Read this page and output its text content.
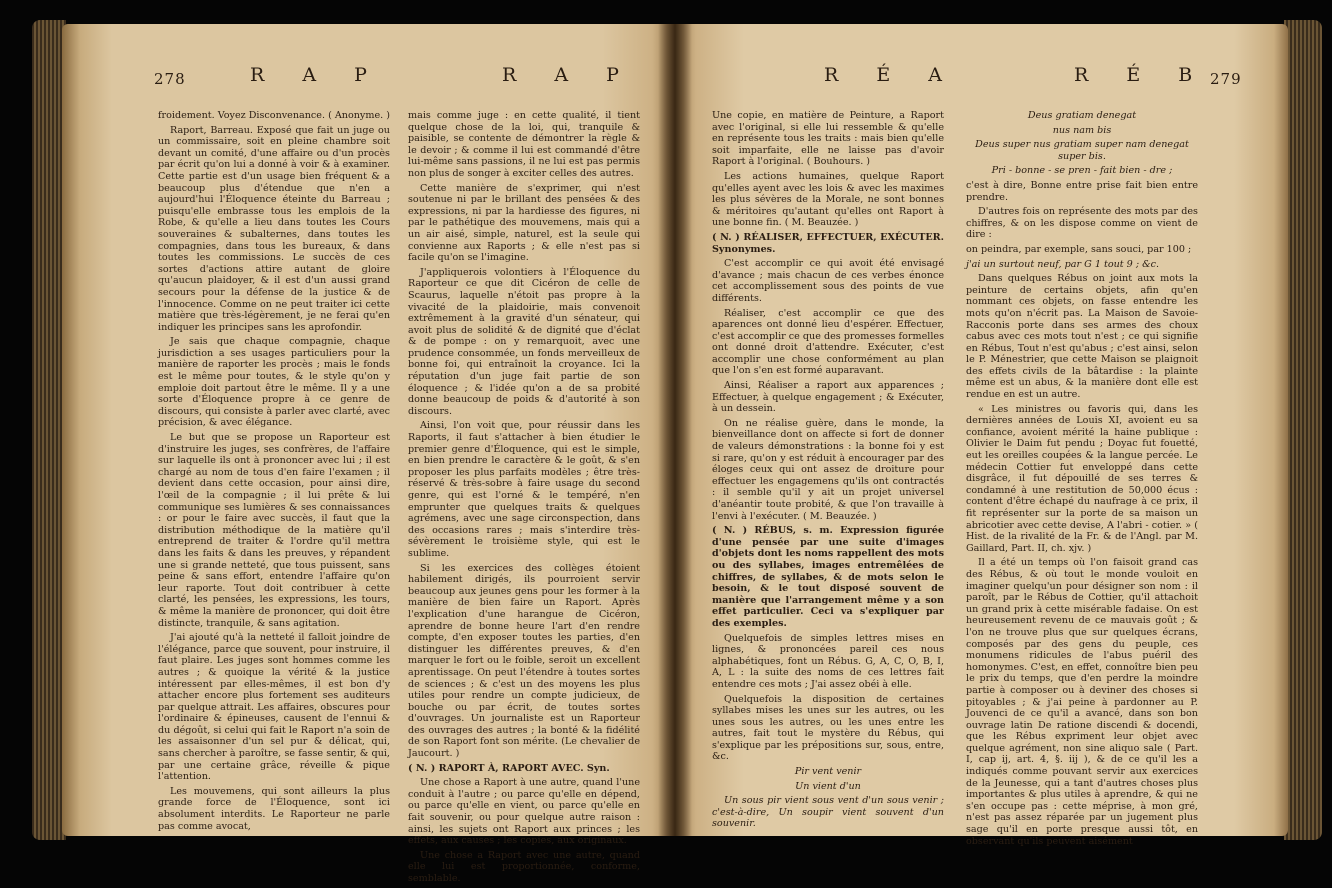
278	R A P	R A P

froidement. Voyez Disconvenance. ( Anonyme. )

Raport, Barreau. Exposé que fait un juge ou un commissaire, soit en pleine chambre soit devant un comité, d'une affaire ou d'un procès par écrit qu'on lui a donné à voir & à examiner. Cette partie est d'un usage bien fréquent & a beaucoup plus d'étendue que n'en a aujourd'hui l'Éloquence éteinte du Barreau ; puisqu'elle embrasse tous les emplois de la Robe, & qu'elle a lieu dans toutes les Cours souveraines & subalternes, dans toutes les compagnies, dans tous les bureaux, & dans toutes les commissions. Le succès de ces sortes d'actions attire autant de gloire qu'aucun plaidoyer, & il est d'un aussi grand secours pour la défense de la justice & de l'innocence. Comme on ne peut traiter ici cette matière que très-légèrement, je ne ferai qu'en indiquer les principes sans les aprofondir.

Je sais que chaque compagnie, chaque jurisdiction a ses usages particuliers pour la manière de raporter les procès ; mais le fonds est le même pour toutes, & le style qu'on y emploie doit partout être le même. Il y a une sorte d'Éloquence propre à ce genre de discours, qui consiste à parler avec clarté, avec précision, & avec élégance.

Le but que se propose un Raporteur est d'instruire les juges, ses confrères, de l'affaire sur laquelle ils ont à prononcer avec lui ; il est chargé au nom de tous d'en faire l'examen ; il devient dans cette occasion, pour ainsi dire, l'œil de la compagnie ; il lui prête & lui communique ses lumières & ses connaissances : or pour le faire avec succès, il faut que la distribution méthodique de la matière qu'il entreprend de traiter & l'ordre qu'il mettra dans les faits & dans les preuves, y répandent une si grande netteté, que tous puissent, sans peine & sans effort, entendre l'affaire qu'on leur raporte. Tout doit contribuer à cette clarté, les pensées, les expressions, les tours, & même la manière de prononcer, qui doit être distincte, tranquile, & sans agitation.

J'ai ajouté qu'à la netteté il falloit joindre de l'élégance, parce que souvent, pour instruire, il faut plaire. Les juges sont hommes comme les autres ; & quoique la vérité & la justice intéressent par elles-mêmes, il est bon d'y attacher encore plus fortement ses auditeurs par quelque attrait. Les affaires, obscures pour l'ordinaire & épineuses, causent de l'ennui & du dégoût, si celui qui fait le Raport n'a soin de les assaisonner d'un sel pur & délicat, qui, sans chercher à paroître, se fasse sentir, & qui, par une certaine grâce, réveille & pique l'attention.

Les mouvemens, qui sont ailleurs la plus grande force de l'Éloquence, sont ici absolument interdits. Le Raporteur ne parle pas comme avocat,

mais comme juge : en cette qualité, il tient quelque chose de la loi, qui, tranquile & paisible, se contente de démontrer la règle & le devoir ; & comme il lui est commandé d'être lui-même sans passions, il ne lui est pas permis non plus de songer à exciter celles des autres.

Cette manière de s'exprimer, qui n'est soutenue ni par le brillant des pensées & des expressions, ni par la hardiesse des figures, ni par le pathétique des mouvemens, mais qui a un air aisé, simple, naturel, est la seule qui convienne aux Raports ; & elle n'est pas si facile qu'on se l'imagine.

J'appliquerois volontiers à l'Éloquence du Raporteur ce que dit Cicéron de celle de Scaurus, laquelle n'étoit pas propre à la vivacité de la plaidoirie, mais convenoit extrêmement à la gravité d'un sénateur, qui avoit plus de solidité & de dignité que d'éclat & de pompe : on y remarquoit, avec une prudence consommée, un fonds merveilleux de bonne foi, qui entraînoit la croyance. Ici la réputation d'un juge fait partie de son éloquence ; & l'idée qu'on a de sa probité donne beaucoup de poids & d'autorité à son discours.

Ainsi, l'on voit que, pour réussir dans les Raports, il faut s'attacher à bien étudier le premier genre d'Éloquence, qui est le simple, en bien prendre le caractère & le goût, & s'en proposer les plus parfaits modèles ; être très-réservé & très-sobre à faire usage du second genre, qui est l'orné & le tempéré, n'en emprunter que quelques traits & quelques agrémens, avec une sage circonspection, dans des occasions rares ; mais s'interdire très-sévèrement le troisième style, qui est le sublime.

Si les exercices des collèges étoient habilement dirigés, ils pourroient servir beaucoup aux jeunes gens pour les former à la manière de bien faire un Raport. Après l'explication d'une harangue de Cicéron, aprendre de bonne heure l'art d'en rendre compte, d'en exposer toutes les parties, d'en distinguer les différentes preuves, & d'en marquer le fort ou le foible, seroit un excellent aprentissage. On peut l'étendre à toutes sortes de sciences ; & c'est un des moyens les plus utiles pour rendre un compte judicieux, de bouche ou par écrit, de toutes sortes d'ouvrages. Un journaliste est un Raporteur des ouvrages des autres ; la bonté & la fidélité de son Raport font son mérite. (Le chevalier de Jaucourt. )

( N. ) RAPORT À, RAPORT AVEC. Syn.

Une chose a Raport à une autre, quand l'une conduit à l'autre ; ou parce qu'elle en dépend, ou parce qu'elle en vient, ou parce qu'elle en fait souvenir, ou pour quelque autre raison : ainsi, les sujets ont Raport aux princes ; les effets, aux causes ; les copies, aux originaux.

Une chose a Raport avec une autre, quand elle lui est proportionnée, conforme, semblable.

R É A	R É B 279

Une copie, en matière de Peinture, a Raport avec l'original, si elle lui ressemble & qu'elle en représente tous les traits : mais bien qu'elle soit imparfaite, elle ne laisse pas d'avoir Raport à l'original. ( Bouhours. )

Les actions humaines, quelque Raport qu'elles ayent avec les lois & avec les maximes les plus sévères de la Morale, ne sont bonnes & méritoires qu'autant qu'elles ont Raport à une bonne fin. ( M. Beauzée. )

( N. ) RÉALISER, EFFECTUER, EXÉCUTER. Synonymes.

C'est accomplir ce qui avoit été envisagé d'avance ; mais chacun de ces verbes énonce cet accomplissement sous des points de vue différents.

Réaliser, c'est accomplir ce que des aparences ont donné lieu d'espérer. Effectuer, c'est accomplir ce que des promesses formelles ont donné droit d'attendre. Exécuter, c'est accomplir une chose conformément au plan que l'on s'en est formé auparavant.

Ainsi, Réaliser a raport aux apparences ; Effectuer, à quelque engagement ; & Exécuter, à un dessein.

On ne réalise guère, dans le monde, la bienveillance dont on affecte si fort de donner de valeurs démonstrations : la bonne foi y est si rare, qu'on y est réduit à encourager par des éloges ceux qui ont assez de droiture pour effectuer les engagemens qu'ils ont contractés : il semble qu'il y ait un projet universel d'anéantir toute probité, & que l'on travaille à l'envi à l'exécuter. ( M. Beauzée. )

( N. ) RÉBUS, s. m. Expression figurée d'une pensée par une suite d'images d'objets dont les noms rappellent des mots ou des syllabes, images entremêlées de chiffres, de syllabes, & de mots selon le besoin, & le tout disposé souvent de manière que l'arrangement même y a son effet particulier. Ceci va s'expliquer par des exemples.

Quelquefois de simples lettres mises en lignes, & prononcées pareil ces nous alphabétiques, font un Rébus. G, A, C, O, B, I, A, L : la suite des noms de ces lettres fait entendre ces mots ; J'ai assez obéi à elle.

Quelquefois la disposition de certaines syllabes mises les unes sur les autres, ou les unes sous les autres, ou les unes entre les autres, fait tout le mystère du Rébus, qui s'explique par les prépositions sur, sous, entre, &c.

Pir vent venir

Un vient d'un

Un sous pir vient sous vent d'un sous venir ; c'est-à-dire, Un soupir vient souvent d'un souvenir.

Deus gratiam denegat

nus nam bis

Deus super nus gratiam super nam denegat super bis.

Pri - bonne - se pren - fait bien - dre ;

c'est à dire, Bonne entre prise fait bien entre prendre.

D'autres fois on représente des mots par des chiffres, & on les dispose comme on vient de dire :

on peindra, par exemple, sans souci, par 100 ;

j'ai un surtout neuf, par G 1 tout 9 ; &c.

Dans quelques Rébus on joint aux mots la peinture de certains objets, afin qu'en nommant ces objets, on fasse entendre les mots qu'on n'écrit pas. La Maison de Savoie-Racconis porte dans ses armes des choux cabus avec ces mots tout n'est ; ce qui signifie en Rébus, Tout n'est qu'abus ; c'est ainsi, selon le P. Ménestrier, que cette Maison se plaignoit des effets civils de la bâtardise : la plainte même est un abus, & la manière dont elle est rendue en est un autre.

« Les ministres ou favoris qui, dans les dernières années de Louis XI, avoient eu sa confiance, avoient mérité la haine publique : Olivier le Daim fut pendu ; Doyac fut fouetté, eut les oreilles coupées & la langue percée. Le médecin Cottier fut enveloppé dans cette disgrâce, il fut dépouillé de ses terres & condamné à une restitution de 50,000 écus : content d'être échapé du naufrage à ce prix, il fit représenter sur la porte de sa maison un abricotier avec cette devise, A l'abri - cotier. » ( Hist. de la rivalité de la Fr. & de l'Angl. par M. Gaillard, Part. II, ch. xjv. )

Il a été un temps où l'on faisoit grand cas des Rébus, & où tout le monde vouloit en imaginer quelqu'un pour désigner son nom : il paroît, par le Rébus de Cottier, qu'il attachoit un grand prix à cette misérable fadaise. On est heureusement revenu de ce mauvais goût ; & l'on ne trouve plus que sur quelques écrans, composés par des gens du peuple, ces monumens ridicules de l'abus puéril des homonymes. C'est, en effet, connoître bien peu le prix du temps, que d'en perdre la moindre partie à composer ou à deviner des choses si pitoyables ; & j'ai peine à pardonner au P. Jouvenci de ce qu'il a avancé, dans son bon ouvrage latin De ratione discendi & docendi, que les Rébus expriment leur objet avec quelque agrément, non sine aliquo sale ( Part. I, cap ij, art. 4, §. iij ), & de ce qu'il les a indiqués comme pouvant servir aux exercices de la Jeunesse, qui a tant d'autres choses plus importantes & plus utiles à aprendre, & qui ne s'en occupe pas : cette méprise, à mon gré, n'est pas assez réparée par un jugement plus sage qu'il en porte presque aussi tôt, en observant qu'ils peuvent aisément
